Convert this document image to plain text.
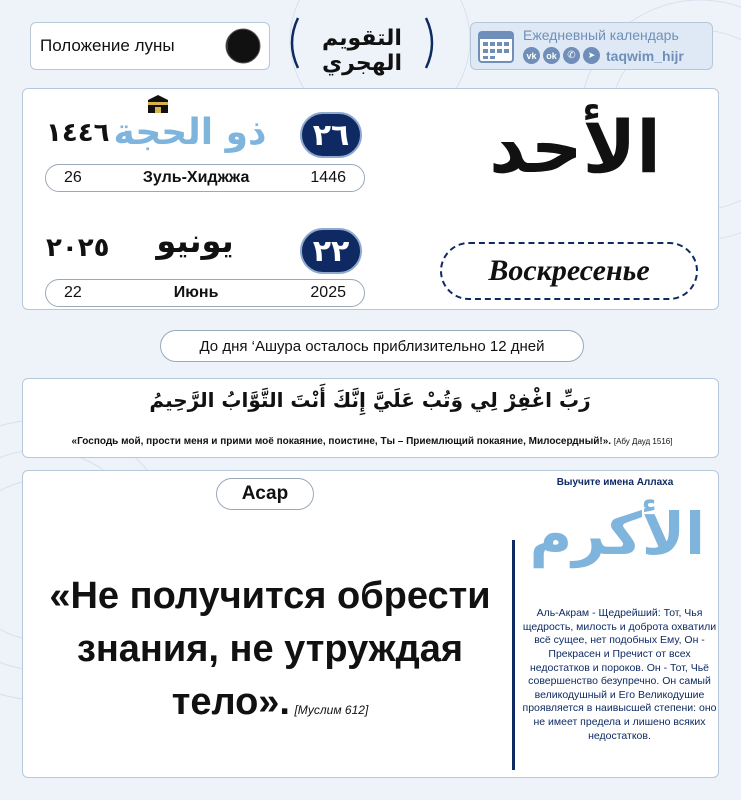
Положение луны	التقويم الهجري
Ежедневный календарь
vk	ok	✆	➤ taqwim_hijr
١٤٤٦ ذو الحجة	٢٦
26	Зуль-Хиджжа	1446
٢٠٢٥	يونيو	٢٢
22	Июнь	2025
الأحد
Воскресенье
До дня ‘Ашура осталось приблизительно 12 дней
رَبِّ اغْفِرْ لِي وَتُبْ عَلَيَّ إِنَّكَ أَنْتَ التَّوَّابُ الرَّحِيمُ
«Господь мой, прости меня и прими моё покаяние, поистине, Ты – Приемлющий покаяние, Милосердный!». [Абу Дауд 1516]
Асар
«Не получится обрести знания, не утруждая тело». [Муслим 612]
Выучите имена Аллаха
الأكرم
Аль-Акрам - Щедрейший: Тот, Чья щедрость, милость и доброта охватили всё сущее, нет подобных Ему, Он - Прекрасен и Пречист от всех недостатков и пороков. Он - Тот, Чьё совершенство безупречно. Он самый великодушный и Его Великодушие проявляется в наивысшей степени: оно не имеет предела и лишено всяких недостатков.
